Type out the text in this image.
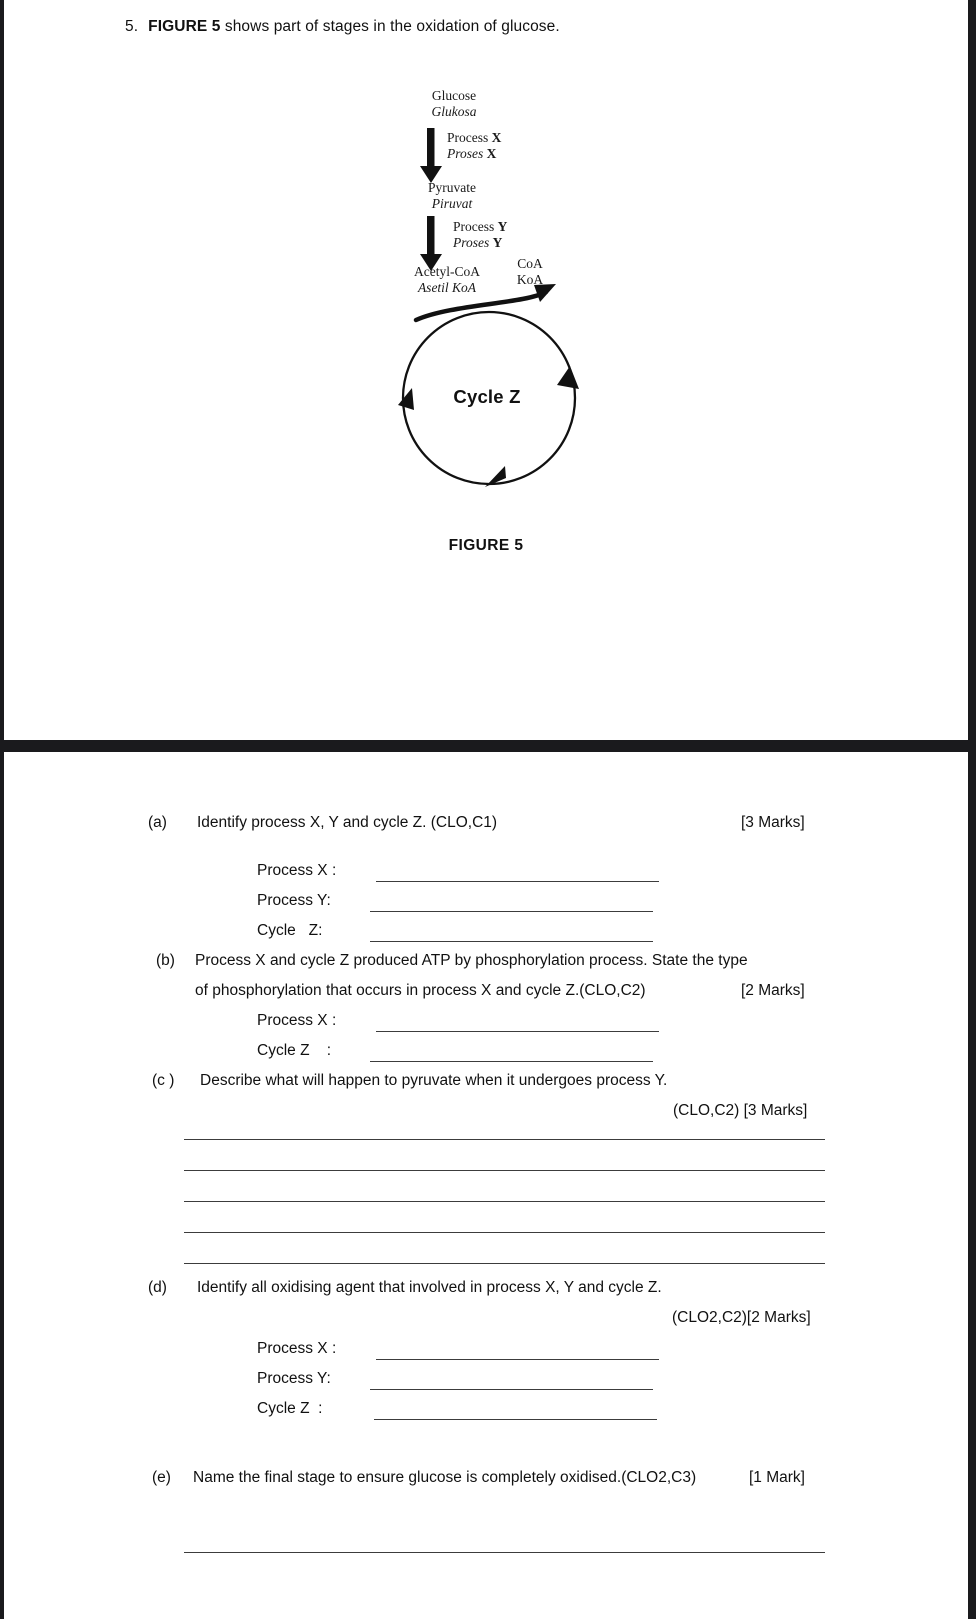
5. FIGURE 5 shows part of stages in the oxidation of glucose.
Glucose
Glukosa
Process X
Proses X
Pyruvate
Piruvat
Process Y
Proses Y
Acetyl-CoA
Asetil KoA
CoA
KoA
Cycle Z
FIGURE 5
(a) Identify process X, Y and cycle Z. (CLO,C1)	[3 Marks]
Process X :
Process Y:
Cycle   Z:
(b) Process X and cycle Z produced ATP by phosphorylation process. State the type
of phosphorylation that occurs in process X and cycle Z.(CLO,C2)	[2 Marks]
Process X :
Cycle Z    :
(c ) Describe what will happen to pyruvate when it undergoes process Y.
(CLO,C2) [3 Marks]
(d) Identify all oxidising agent that involved in process X, Y and cycle Z.
(CLO2,C2)[2 Marks]
Process X :
Process Y:
Cycle Z  :
(e) Name the final stage to ensure glucose is completely oxidised.(CLO2,C3)	[1 Mark]
